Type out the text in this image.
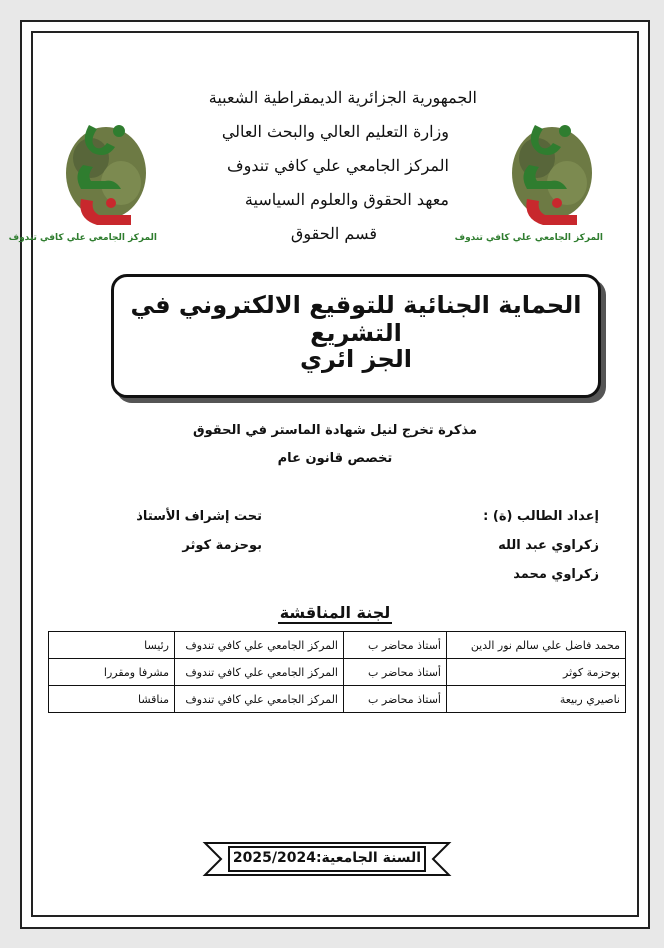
المركز الجامعي علي كافي تندوف	المركز الجامعي علي كافي تندوف
الجمهورية الجزائرية الديمقراطية الشعبية
وزارة التعليم العالي والبحث العالي
المركز الجامعي علي كافي تندوف
معهد الحقوق والعلوم السياسية
قسم الحقوق
الحماية الجنائية للتوقيع الالكتروني في التشريع
الجز ائري
مذكرة تخرج لنيل شهادة الماستر في الحقوق
تخصص قانون عام
إعداد الطالب (ة) :
زكراوي عبد الله
زكراوي محمد
تحت إشراف الأستاذ
بوحزمة كوثر
لجنة المناقشة
محمد فاضل علي سالم نور الدين	أستاذ محاضر ب	المركز الجامعي علي كافي تندوف	رئيسا
بوحزمة كوثر	أستاذ محاضر ب	المركز الجامعي علي كافي تندوف	مشرفا ومقررا
ناصيري ربيعة	أستاذ محاضر ب	المركز الجامعي علي كافي تندوف	مناقشا
السنة الجامعية:2025/2024
